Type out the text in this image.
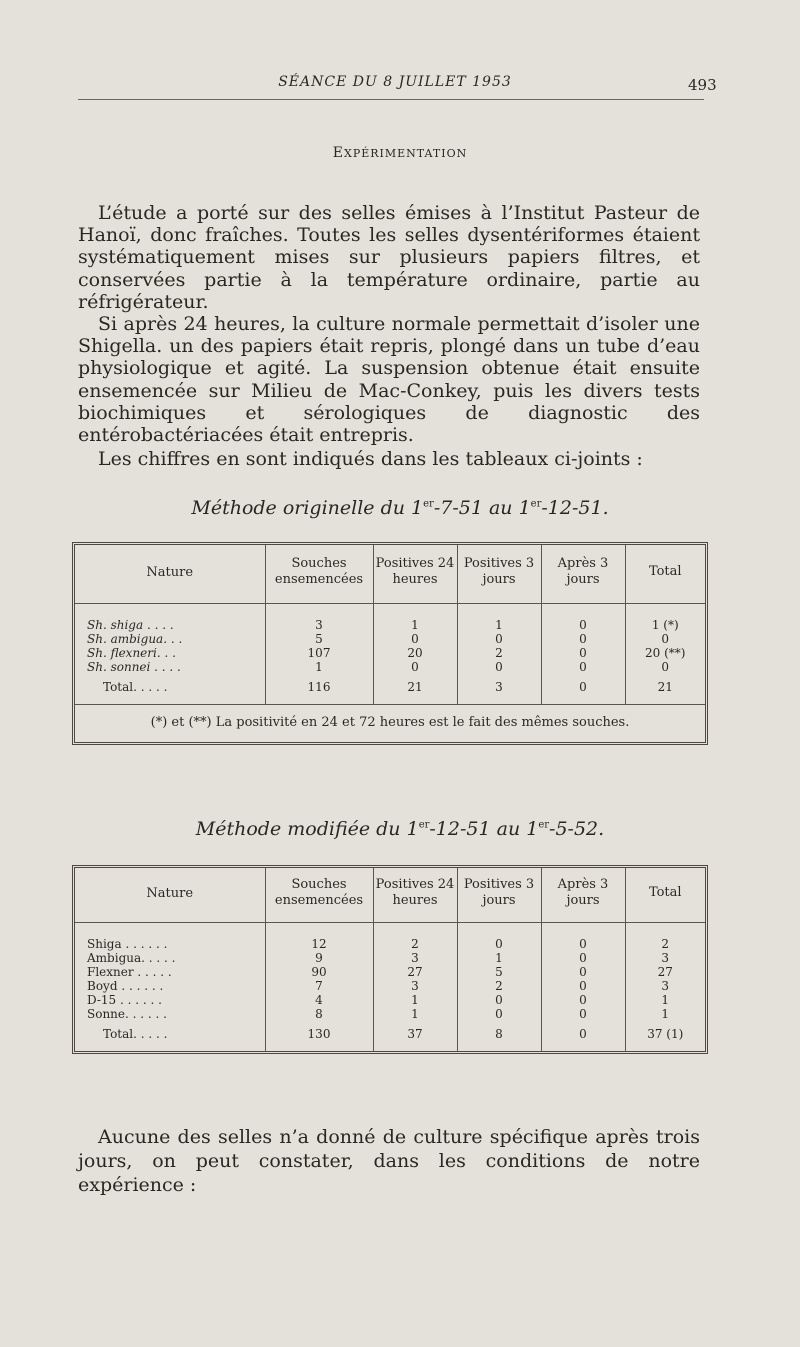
SÉANCE DU 8 JUILLET 1953	493
EXPÉRIMENTATION

L’étude a porté sur des selles émises à l’Institut Pasteur de Hanoï, donc fraîches. Toutes les selles dysentériformes étaient systématiquement mises sur plusieurs papiers filtres, et conservées partie à la température ordinaire, partie au réfrigérateur.

Si après 24 heures, la culture normale permettait d’isoler une Shigella. un des papiers était repris, plongé dans un tube d’eau physiologique et agité. La suspension obtenue était ensuite ensemencée sur Milieu de Mac-Conkey, puis les divers tests biochimiques et sérologiques de diagnostic des entérobactériacées était entrepris.

Les chiffres en sont indiqués dans les tableaux ci-joints :

Méthode originelle du 1er-7-51 au 1er-12-51.
Nature	Souches ensemencées	Positives 24 heures	Positives 3 jours	Après 3 jours	Total
Sh. shiga . . . .	3	1	1	0	1 (*)
Sh. ambigua. . .	5	0	0	0	0
Sh. flexneri. . .	107	20	2	0	20 (**)
Sh. sonnei . . . .	1	0	0	0	0
Total. . . . .	116	21	3	0	21
(*) et (**) La positivité en 24 et 72 heures est le fait des mêmes souches.
Méthode modifiée du 1er-12-51 au 1er-5-52.
Nature	Souches ensemencées	Positives 24 heures	Positives 3 jours	Après 3 jours	Total
Shiga . . . . . .	12	2	0	0	2
Ambigua. . . . .	9	3	1	0	3
Flexner . . . . .	90	27	5	0	27
Boyd . . . . . .	7	3	2	0	3
D-15 . . . . . .	4	1	0	0	1
Sonne. . . . . .	8	1	0	0	1
Total. . . . .	130	37	8	0	37 (1)

Aucune des selles n’a donné de culture spécifique après trois jours, on peut constater, dans les conditions de notre expérience :
